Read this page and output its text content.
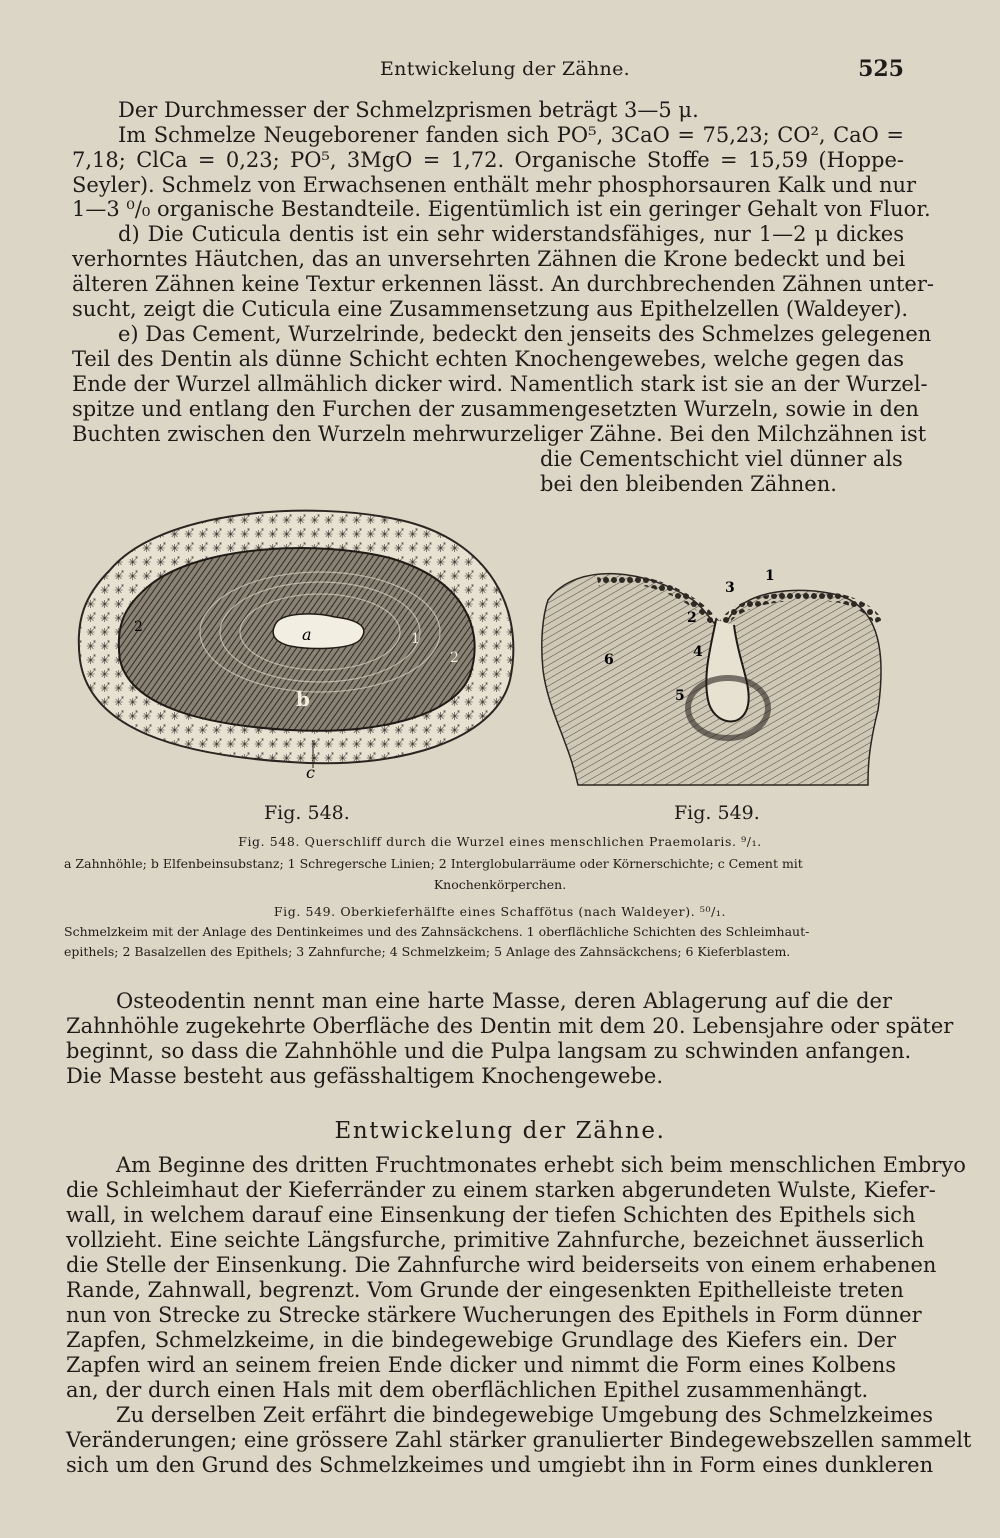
Entwickelung der Zähne.	525
Der Durchmesser der Schmelzprismen beträgt 3—5 μ.
Im Schmelze Neugeborener fanden sich PO⁵, 3CaO = 75,23; CO², CaO =
7,18; ClCa = 0,23; PO⁵, 3MgO = 1,72. Organische Stoffe = 15,59 (Hoppe-
Seyler). Schmelz von Erwachsenen enthält mehr phosphorsauren Kalk und nur
1—3 ⁰/₀ organische Bestandteile. Eigentümlich ist ein geringer Gehalt von Fluor.
d) Die Cuticula dentis ist ein sehr widerstandsfähiges, nur 1—2 μ dickes
verhorntes Häutchen, das an unversehrten Zähnen die Krone bedeckt und bei
älteren Zähnen keine Textur erkennen lässt. An durchbrechenden Zähnen unter-
sucht, zeigt die Cuticula eine Zusammensetzung aus Epithelzellen (Waldeyer).
e) Das Cement, Wurzelrinde, bedeckt den jenseits des Schmelzes gelegenen
Teil des Dentin als dünne Schicht echten Knochengewebes, welche gegen das
Ende der Wurzel allmählich dicker wird. Namentlich stark ist sie an der Wurzel-
spitze und entlang den Furchen der zusammengesetzten Wurzeln, sowie in den
Buchten zwischen den Wurzeln mehrwurzeliger Zähne. Bei den Milchzähnen ist
die Cementschicht viel dünner als
bei den bleibenden Zähnen.
a
b
c
1
2
2
1
2
3
4
5
6
Fig. 548.	Fig. 549.
Fig. 548. Querschliff durch die Wurzel eines menschlichen Praemolaris. ⁹/₁.
a Zahnhöhle; b Elfenbeinsubstanz; 1 Schregersche Linien; 2 Interglobularräume oder Körnerschichte; c Cement mit
Knochenkörperchen.
Fig. 549. Oberkieferhälfte eines Schaffötus (nach Waldeyer). ⁵⁰/₁.
Schmelzkeim mit der Anlage des Dentinkeimes und des Zahnsäckchens. 1 oberflächliche Schichten des Schleimhaut-
epithels; 2 Basalzellen des Epithels; 3 Zahnfurche; 4 Schmelzkeim; 5 Anlage des Zahnsäckchens; 6 Kieferblastem.
Osteodentin nennt man eine harte Masse, deren Ablagerung auf die der
Zahnhöhle zugekehrte Oberfläche des Dentin mit dem 20. Lebensjahre oder später
beginnt, so dass die Zahnhöhle und die Pulpa langsam zu schwinden anfangen.
Die Masse besteht aus gefässhaltigem Knochengewebe.
Entwickelung der Zähne.
Am Beginne des dritten Fruchtmonates erhebt sich beim menschlichen Embryo
die Schleimhaut der Kieferränder zu einem starken abgerundeten Wulste, Kiefer-
wall, in welchem darauf eine Einsenkung der tiefen Schichten des Epithels sich
vollzieht. Eine seichte Längsfurche, primitive Zahnfurche, bezeichnet äusserlich
die Stelle der Einsenkung. Die Zahnfurche wird beiderseits von einem erhabenen
Rande, Zahnwall, begrenzt. Vom Grunde der eingesenkten Epithelleiste treten
nun von Strecke zu Strecke stärkere Wucherungen des Epithels in Form dünner
Zapfen, Schmelzkeime, in die bindegewebige Grundlage des Kiefers ein. Der
Zapfen wird an seinem freien Ende dicker und nimmt die Form eines Kolbens
an, der durch einen Hals mit dem oberflächlichen Epithel zusammenhängt.
Zu derselben Zeit erfährt die bindegewebige Umgebung des Schmelzkeimes
Veränderungen; eine grössere Zahl stärker granulierter Bindegewebszellen sammelt
sich um den Grund des Schmelzkeimes und umgiebt ihn in Form eines dunkleren
